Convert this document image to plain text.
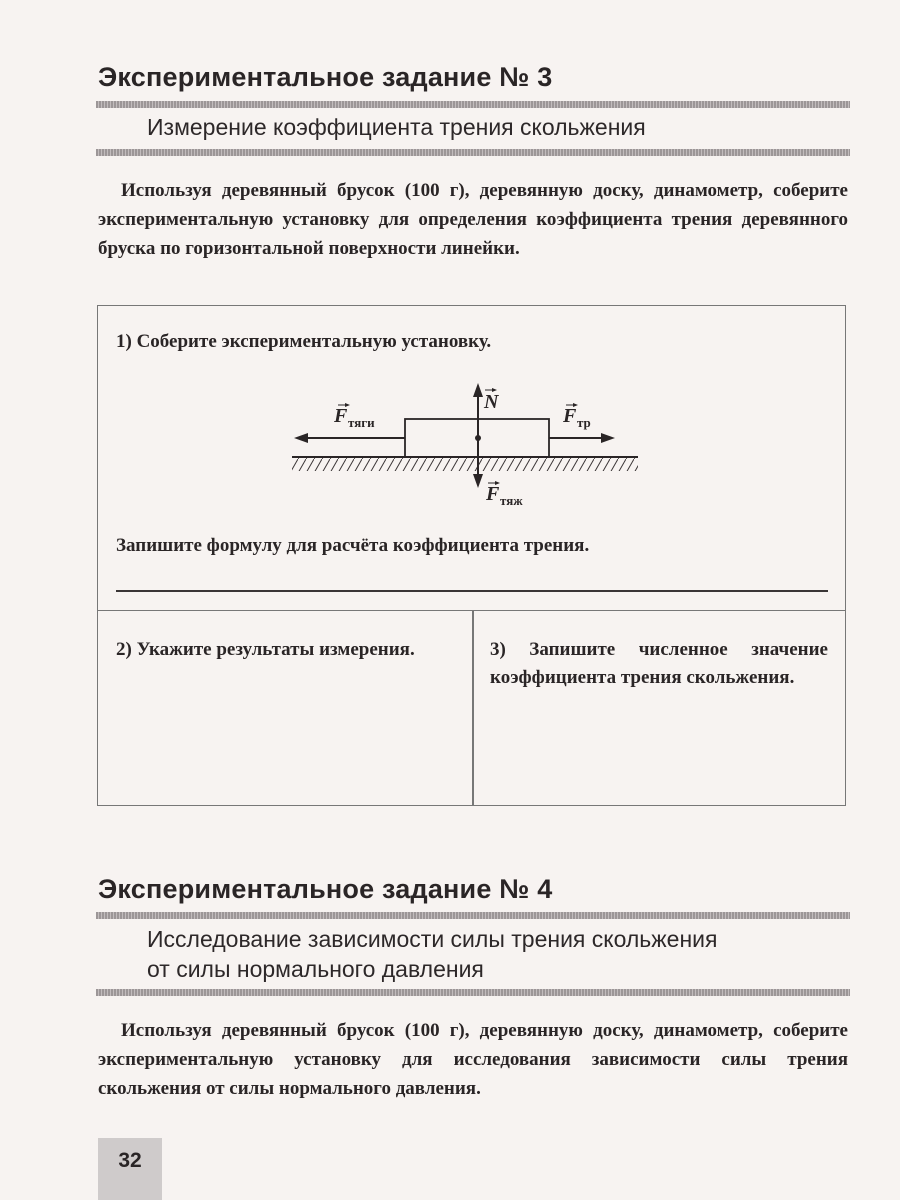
Экспериментальное задание № 3
Измерение коэффициента трения скольжения
Используя деревянный брусок (100 г), деревянную доску, динамометр, соберите экспериментальную установку для определения коэффициента трения деревянного бруска по горизонтальной поверхности линейки.
1) Соберите экспериментальную установку.
Запишите формулу для расчёта коэффициента трения.
2) Укажите результаты измерения.	3) Запишите численное значение коэффициента трения скольжения.
F тяги
N
F тр
F тяж
Экспериментальное задание № 4
Исследование зависимости силы трения скольжения
от силы нормального давления
Используя деревянный брусок (100 г), деревянную доску, динамометр, соберите экспериментальную установку для исследования зависимости силы трения скольжения от силы нормального давления.
32
